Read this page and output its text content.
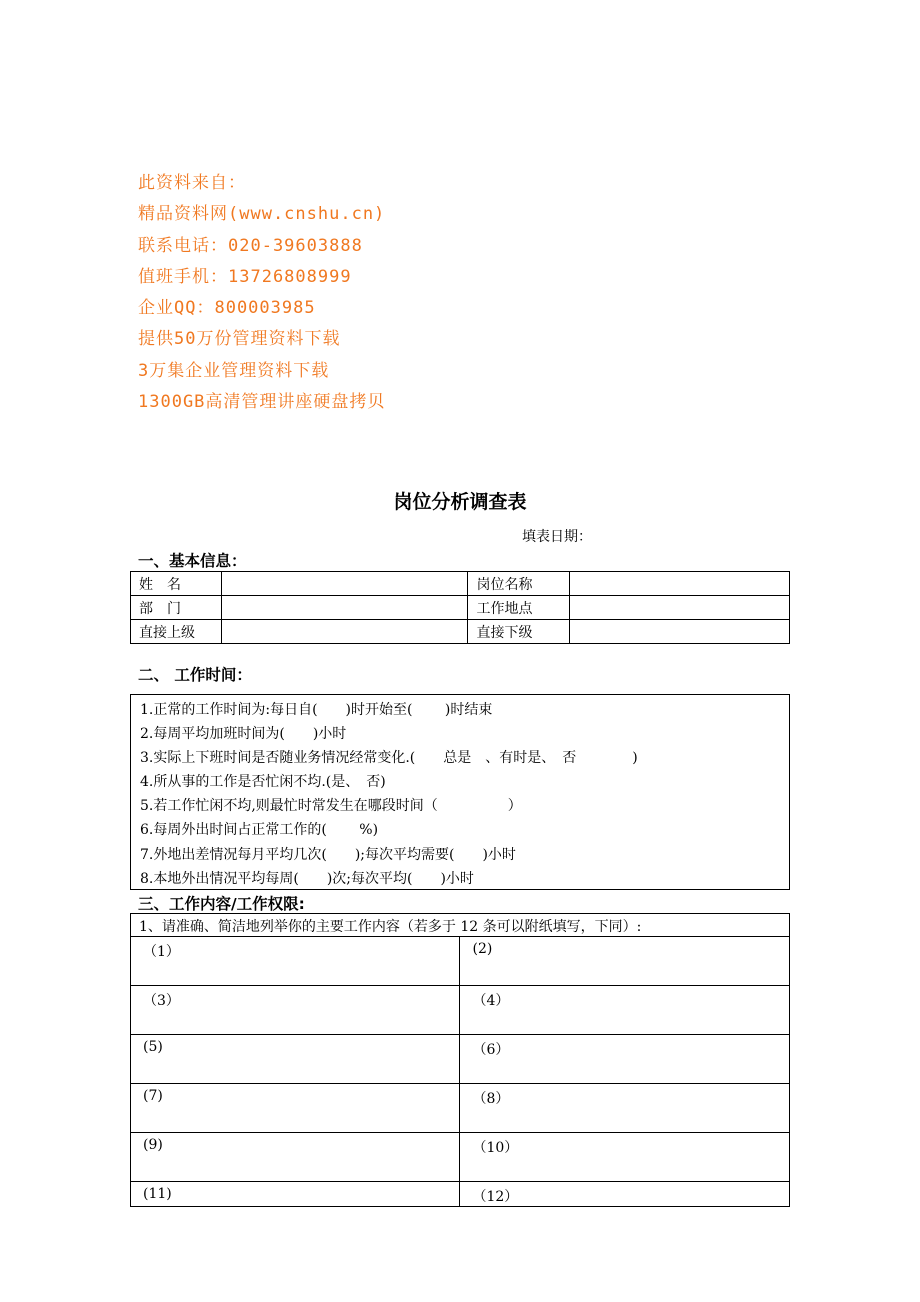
此资料来自：
精品资料网(www.cnshu.cn)
联系电话：020-39603888
值班手机：13726808999
企业QQ：800003985
提供50万份管理资料下载
3万集企业管理资料下载
1300GB高清管理讲座硬盘拷贝
岗位分析调查表
填表日期：
一、基本信息：
姓　名		岗位名称	
部　门		工作地点	
直接上级		直接下级	
二、 工作时间：
1.正常的工作时间为:每日自(　　)时开始至(　　 )时结束
2.每周平均加班时间为(　　)小时
3.实际上下班时间是否随业务情况经常变化.(　　总是　、有时是、　否　　　　)
4.所从事的工作是否忙闲不均.(是、　否)
5.若工作忙闲不均,则最忙时常发生在哪段时间（　　　　　）
6.每周外出时间占正常工作的(　　 %)
7.外地出差情况每月平均几次(　　);每次平均需要(　　)小时
8.本地外出情况平均每周(　　)次;每次平均(　　)小时
三、工作内容/工作权限:
1、请准确、简洁地列举你的主要工作内容（若多于 12 条可以附纸填写，下同）:	
（1）	(2)
（3）	（4）
(5)	（6）
(7)	（8）
(9)	（10）
(11)	（12）
